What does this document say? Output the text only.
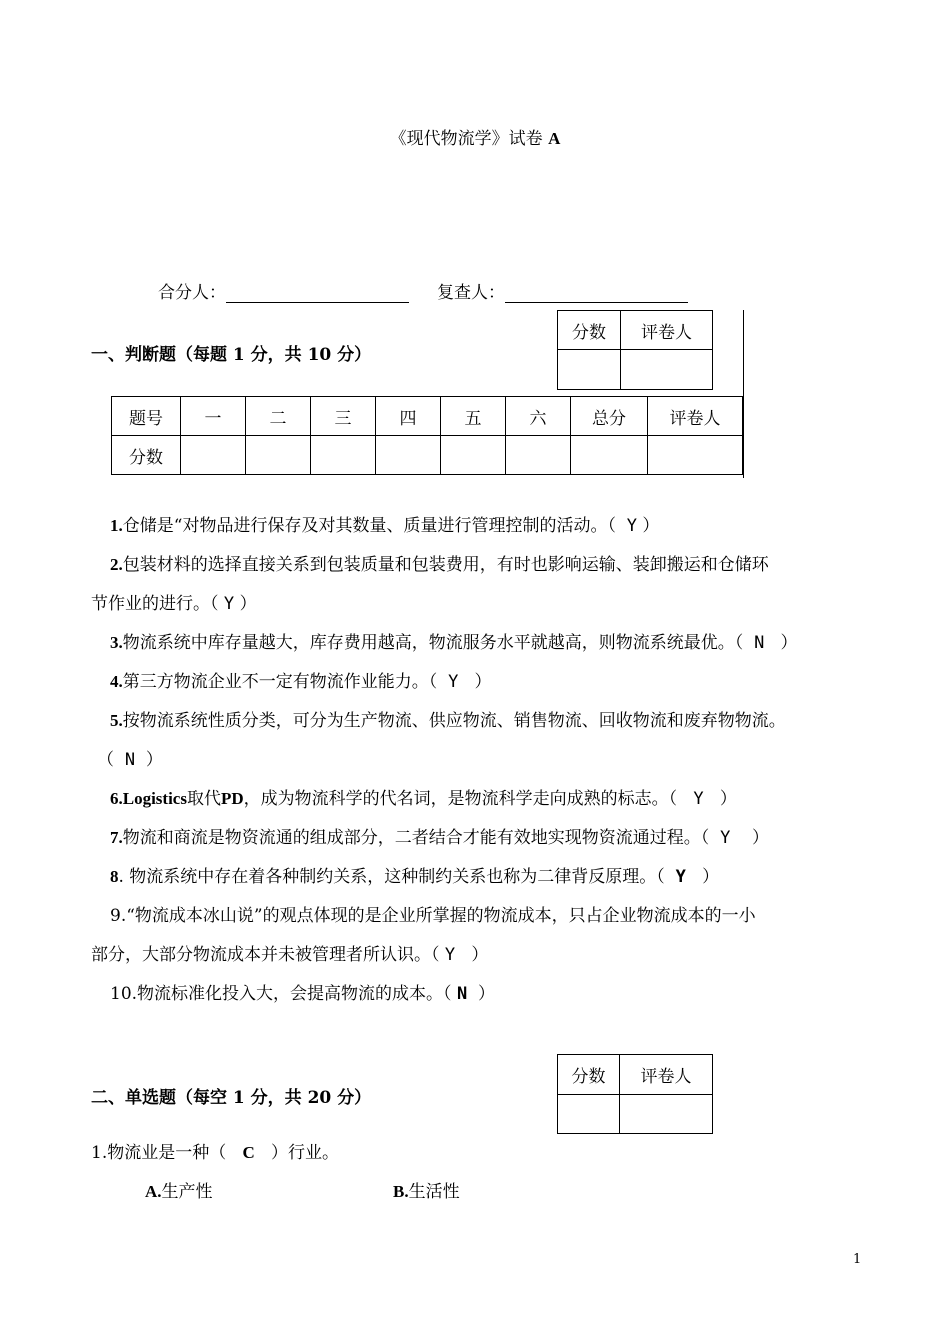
《现代物流学》试卷 A
合分人：	复查人：
一、判断题（每题 1 分，共 10 分）
分数	评卷人

题号	一	二	三	四	五	六	总分	评卷人
分数								
1.仓储是“对物品进行保存及对其数量、质量进行管理控制的活动。（ Y ）
2.包装材料的选择直接关系到包装质量和包装费用，有时也影响运输、装卸搬运和仓储环
节作业的进行。（ Y ）
3.物流系统中库存量越大，库存费用越高，物流服务水平就越高，则物流系统最优。（ N ）
4.第三方物流企业不一定有物流作业能力。（ Y ）
5.按物流系统性质分类，可分为生产物流、供应物流、销售物流、回收物流和废弃物物流。
（ N ）
6.Logistics取代PD，成为物流科学的代名词，是物流科学走向成熟的标志。（ Y ）
7.物流和商流是物资流通的组成部分，二者结合才能有效地实现物资流通过程。（ Y ）
8. 物流系统中存在着各种制约关系，这种制约关系也称为二律背反原理。（ Y ）
9.“物流成本冰山说”的观点体现的是企业所掌握的物流成本，只占企业物流成本的一小
部分，大部分物流成本并未被管理者所认识。（ Y ）
10.物流标准化投入大，会提高物流的成本。（ N ）
分数	评卷人

二、单选题（每空 1 分，共 20 分）
1.物流业是一种（ C ）行业。
A.生产性	B.生活性
1
